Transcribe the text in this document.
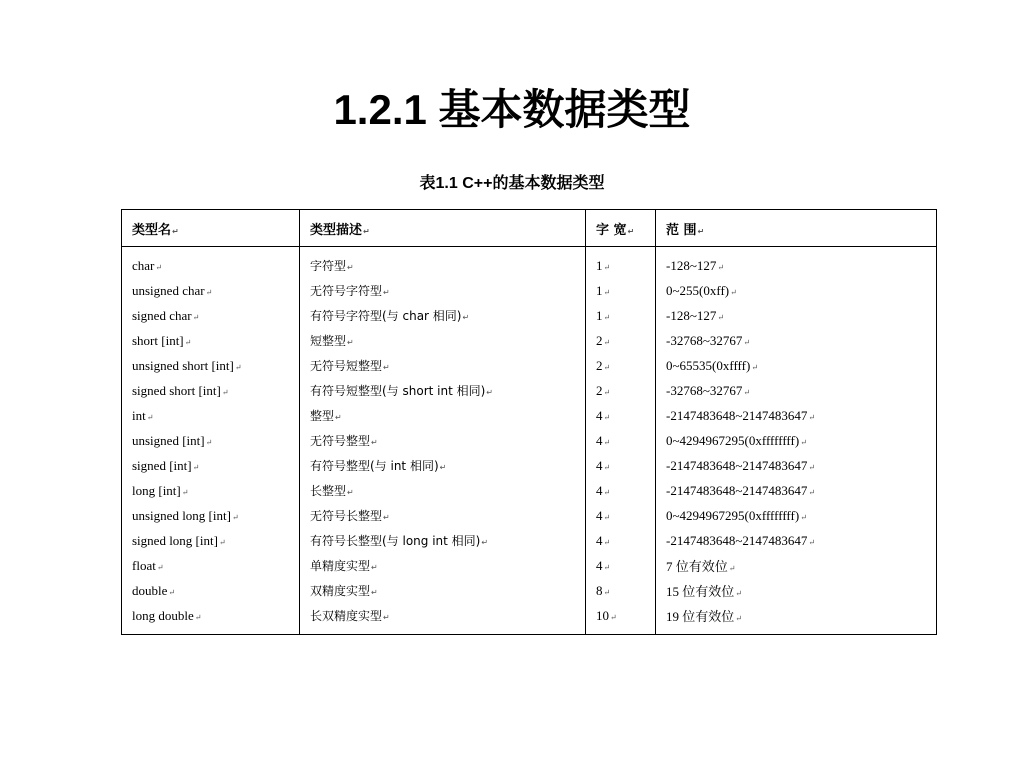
1.2.1 基本数据类型
表1.1 C++的基本数据类型
类型名↵	类型描述↵	字 宽↵	范 围↵
char↵	字符型↵	1↵	-128~127↵
unsigned char↵	无符号字符型↵	1↵	0~255(0xff)↵
signed char↵	有符号字符型(与 char 相同)↵	1↵	-128~127↵
short [int]↵	短整型↵	2↵	-32768~32767↵
unsigned short [int]↵	无符号短整型↵	2↵	0~65535(0xffff)↵
signed short [int]↵	有符号短整型(与 short int 相同)↵	2↵	-32768~32767↵
int↵	整型↵	4↵	-2147483648~2147483647↵
unsigned [int]↵	无符号整型↵	4↵	0~4294967295(0xffffffff)↵
signed [int]↵	有符号整型(与 int 相同)↵	4↵	-2147483648~2147483647↵
long [int]↵	长整型↵	4↵	-2147483648~2147483647↵
unsigned long [int]↵	无符号长整型↵	4↵	0~4294967295(0xffffffff)↵
signed long [int]↵	有符号长整型(与 long int 相同)↵	4↵	-2147483648~2147483647↵
float↵	单精度实型↵	4↵	7 位有效位↵
double↵	双精度实型↵	8↵	15 位有效位↵
long double↵	长双精度实型↵	10↵	19 位有效位↵
